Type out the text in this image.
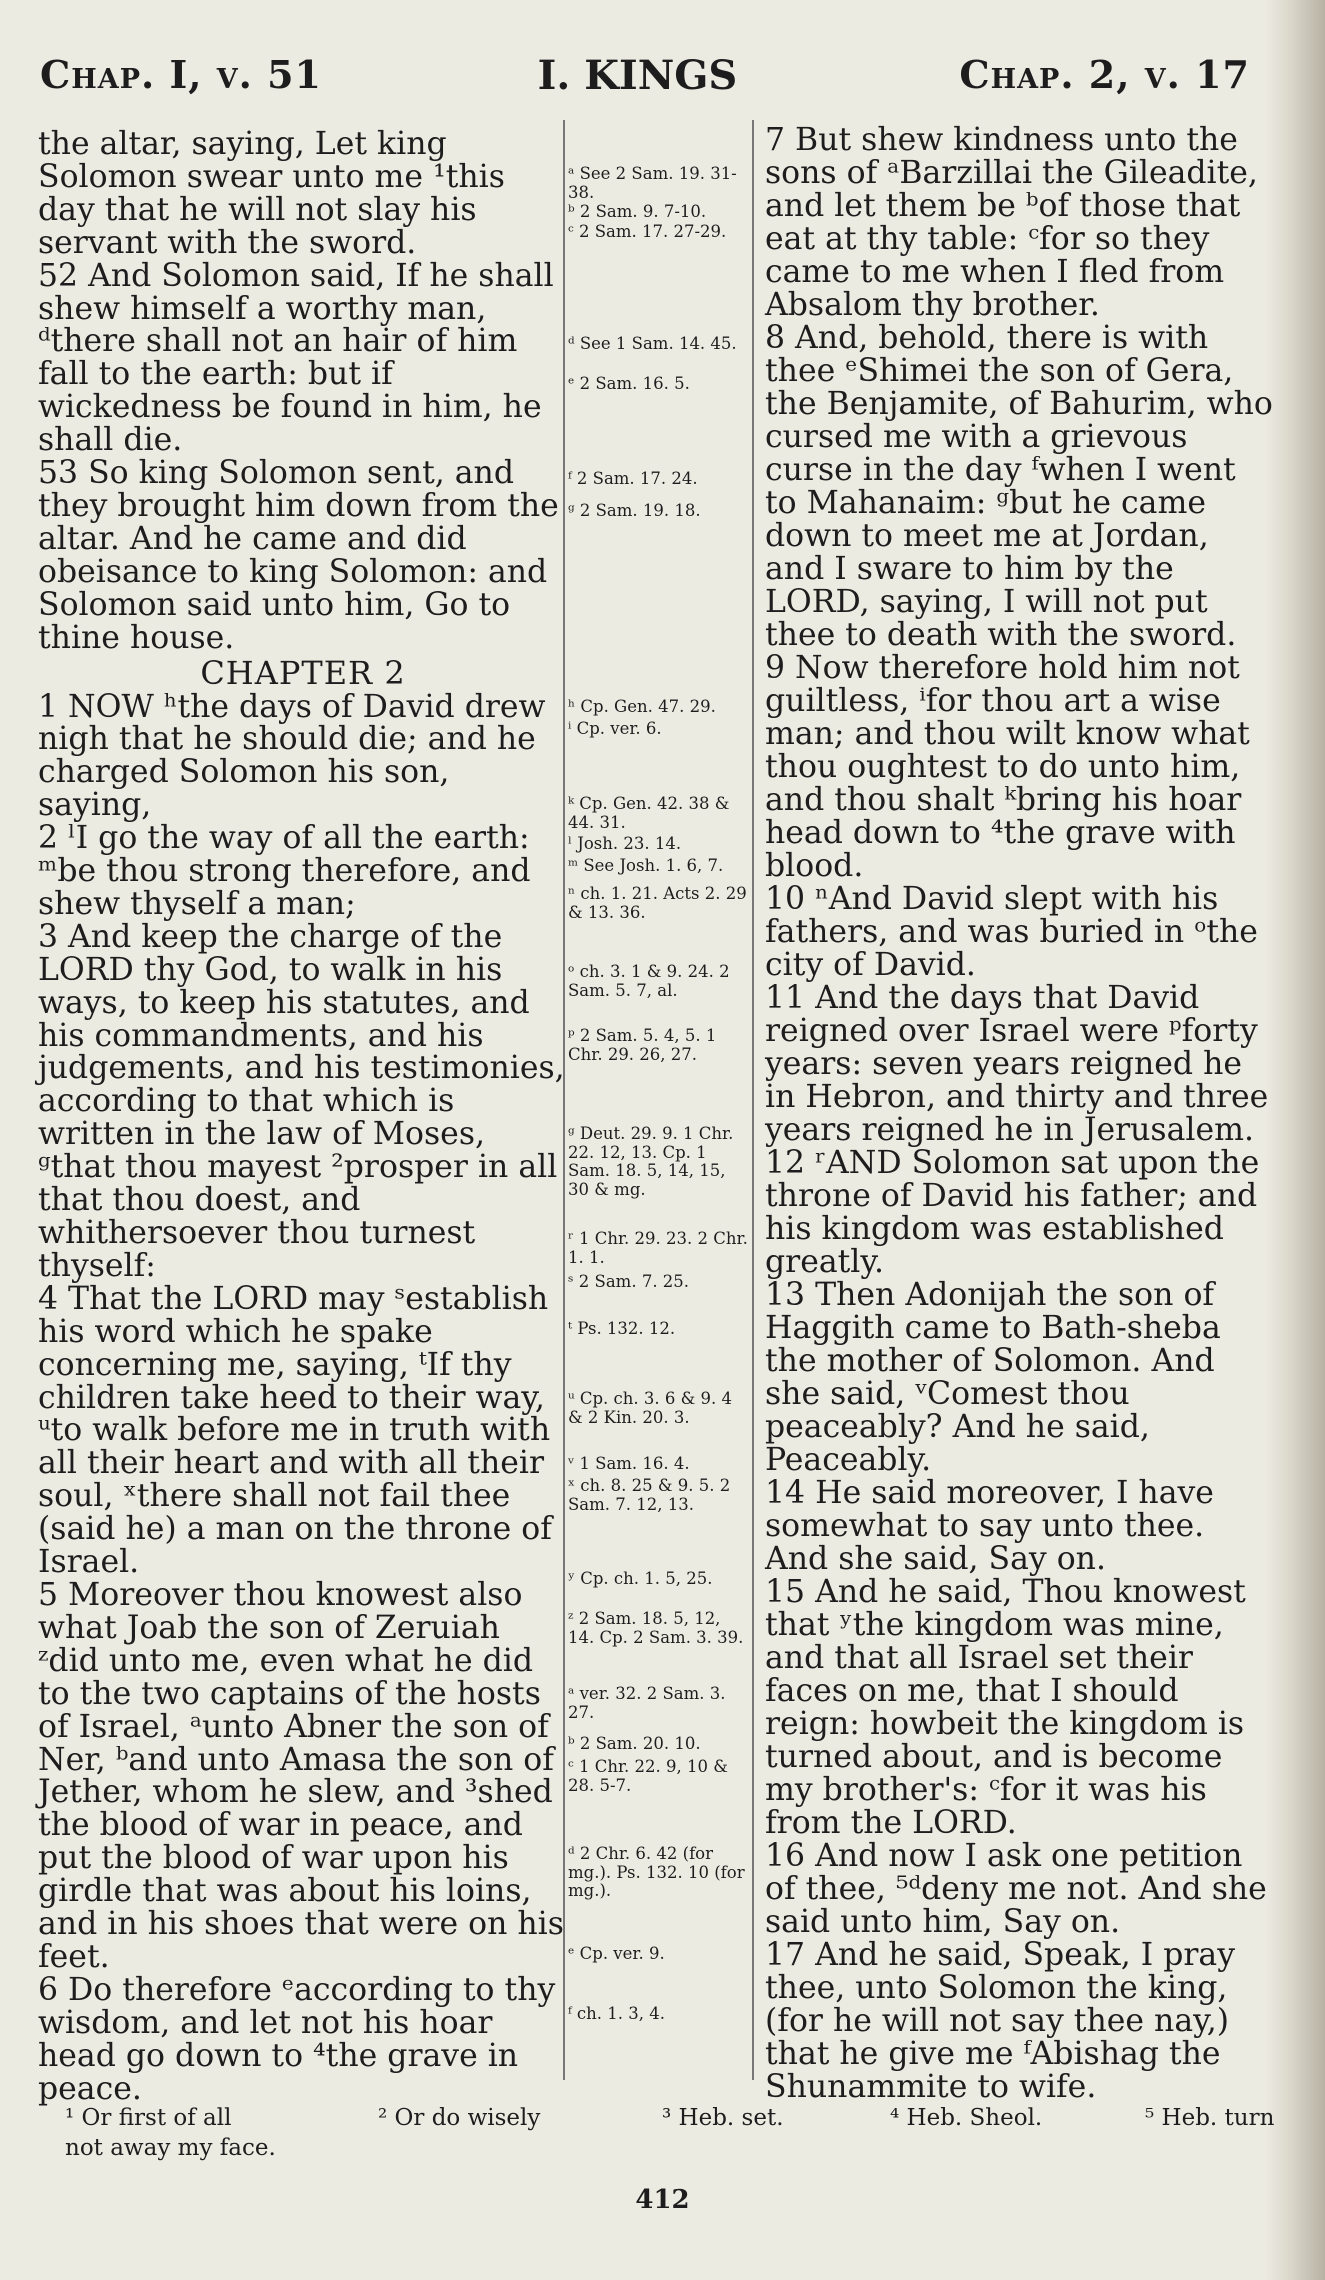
Chap. I, v. 51	I. KINGS	Chap. 2, v. 17
the altar, saying, Let king Solomon swear unto me ¹this day that he will not slay his servant with the sword.
52 And Solomon said, If he shall shew himself a worthy man, ᵈthere shall not an hair of him fall to the earth: but if wickedness be found in him, he shall die.
53 So king Solomon sent, and they brought him down from the altar. And he came and did obeisance to king Solomon: and Solomon said unto him, Go to thine house.
CHAPTER 2
1 NOW ʰthe days of David drew nigh that he should die; and he charged Solomon his son, saying,
2 ˡI go the way of all the earth: ᵐbe thou strong therefore, and shew thyself a man;
3 And keep the charge of the LORD thy God, to walk in his ways, to keep his statutes, and his commandments, and his judgements, and his testimonies, according to that which is written in the law of Moses, ᵍthat thou mayest ²prosper in all that thou doest, and whithersoever thou turnest thyself:
4 That the LORD may ˢestablish his word which he spake concerning me, saying, ᵗIf thy children take heed to their way, ᵘto walk before me in truth with all their heart and with all their soul, ˣthere shall not fail thee (said he) a man on the throne of Israel.
5 Moreover thou knowest also what Joab the son of Zeruiah ᶻdid unto me, even what he did to the two captains of the hosts of Israel, ᵃunto Abner the son of Ner, ᵇand unto Amasa the son of Jether, whom he slew, and ³shed the blood of war in peace, and put the blood of war upon his girdle that was about his loins, and in his shoes that were on his feet.
6 Do therefore ᵉaccording to thy wisdom, and let not his hoar head go down to ⁴the grave in peace.
ᵃ See 2 Sam. 19. 31-38.
ᵇ 2 Sam. 9. 7-10.
ᶜ 2 Sam. 17. 27-29.
ᵈ See 1 Sam. 14. 45.
ᵉ 2 Sam. 16. 5.
ᶠ 2 Sam. 17. 24.
ᵍ 2 Sam. 19. 18.
ʰ Cp. Gen. 47. 29.
ⁱ Cp. ver. 6.
ᵏ Cp. Gen. 42. 38 & 44. 31.
ˡ Josh. 23. 14.
ᵐ See Josh. 1. 6, 7.
ⁿ ch. 1. 21. Acts 2. 29 & 13. 36.
ᵒ ch. 3. 1 & 9. 24. 2 Sam. 5. 7, al.
ᵖ 2 Sam. 5. 4, 5. 1 Chr. 29. 26, 27.
ᵍ Deut. 29. 9. 1 Chr. 22. 12, 13. Cp. 1 Sam. 18. 5, 14, 15, 30 & mg.
ʳ 1 Chr. 29. 23. 2 Chr. 1. 1.
ˢ 2 Sam. 7. 25.
ᵗ Ps. 132. 12.
ᵘ Cp. ch. 3. 6 & 9. 4 & 2 Kin. 20. 3.
ᵛ 1 Sam. 16. 4.
ˣ ch. 8. 25 & 9. 5. 2 Sam. 7. 12, 13.
ʸ Cp. ch. 1. 5, 25.
ᶻ 2 Sam. 18. 5, 12, 14. Cp. 2 Sam. 3. 39.
ᵃ ver. 32. 2 Sam. 3. 27.
ᵇ 2 Sam. 20. 10.
ᶜ 1 Chr. 22. 9, 10 & 28. 5-7.
ᵈ 2 Chr. 6. 42 (for mg.). Ps. 132. 10 (for mg.).
ᵉ Cp. ver. 9.
ᶠ ch. 1. 3, 4.
7 But shew kindness unto the sons of ᵃBarzillai the Gileadite, and let them be ᵇof those that eat at thy table: ᶜfor so they came to me when I fled from Absalom thy brother.
8 And, behold, there is with thee ᵉShimei the son of Gera, the Benjamite, of Bahurim, who cursed me with a grievous curse in the day ᶠwhen I went to Mahanaim: ᵍbut he came down to meet me at Jordan, and I sware to him by the LORD, saying, I will not put thee to death with the sword.
9 Now therefore hold him not guiltless, ⁱfor thou art a wise man; and thou wilt know what thou oughtest to do unto him, and thou shalt ᵏbring his hoar head down to ⁴the grave with blood.
10 ⁿAnd David slept with his fathers, and was buried in ᵒthe city of David.
11 And the days that David reigned over Israel were ᵖforty years: seven years reigned he in Hebron, and thirty and three years reigned he in Jerusalem.
12 ʳAND Solomon sat upon the throne of David his father; and his kingdom was established greatly.
13 Then Adonijah the son of Haggith came to Bath-sheba the mother of Solomon. And she said, ᵛComest thou peaceably? And he said, Peaceably.
14 He said moreover, I have somewhat to say unto thee. And she said, Say on.
15 And he said, Thou knowest that ʸthe kingdom was mine, and that all Israel set their faces on me, that I should reign: howbeit the kingdom is turned about, and is become my brother's: ᶜfor it was his from the LORD.
16 And now I ask one petition of thee, ⁵ᵈdeny me not. And she said unto him, Say on.
17 And he said, Speak, I pray thee, unto Solomon the king, (for he will not say thee nay,) that he give me ᶠAbishag the Shunammite to wife.
¹ Or first of all	² Or do wisely	³ Heb. set.	⁴ Heb. Sheol.	⁵ Heb. turn
not away my face.
412
